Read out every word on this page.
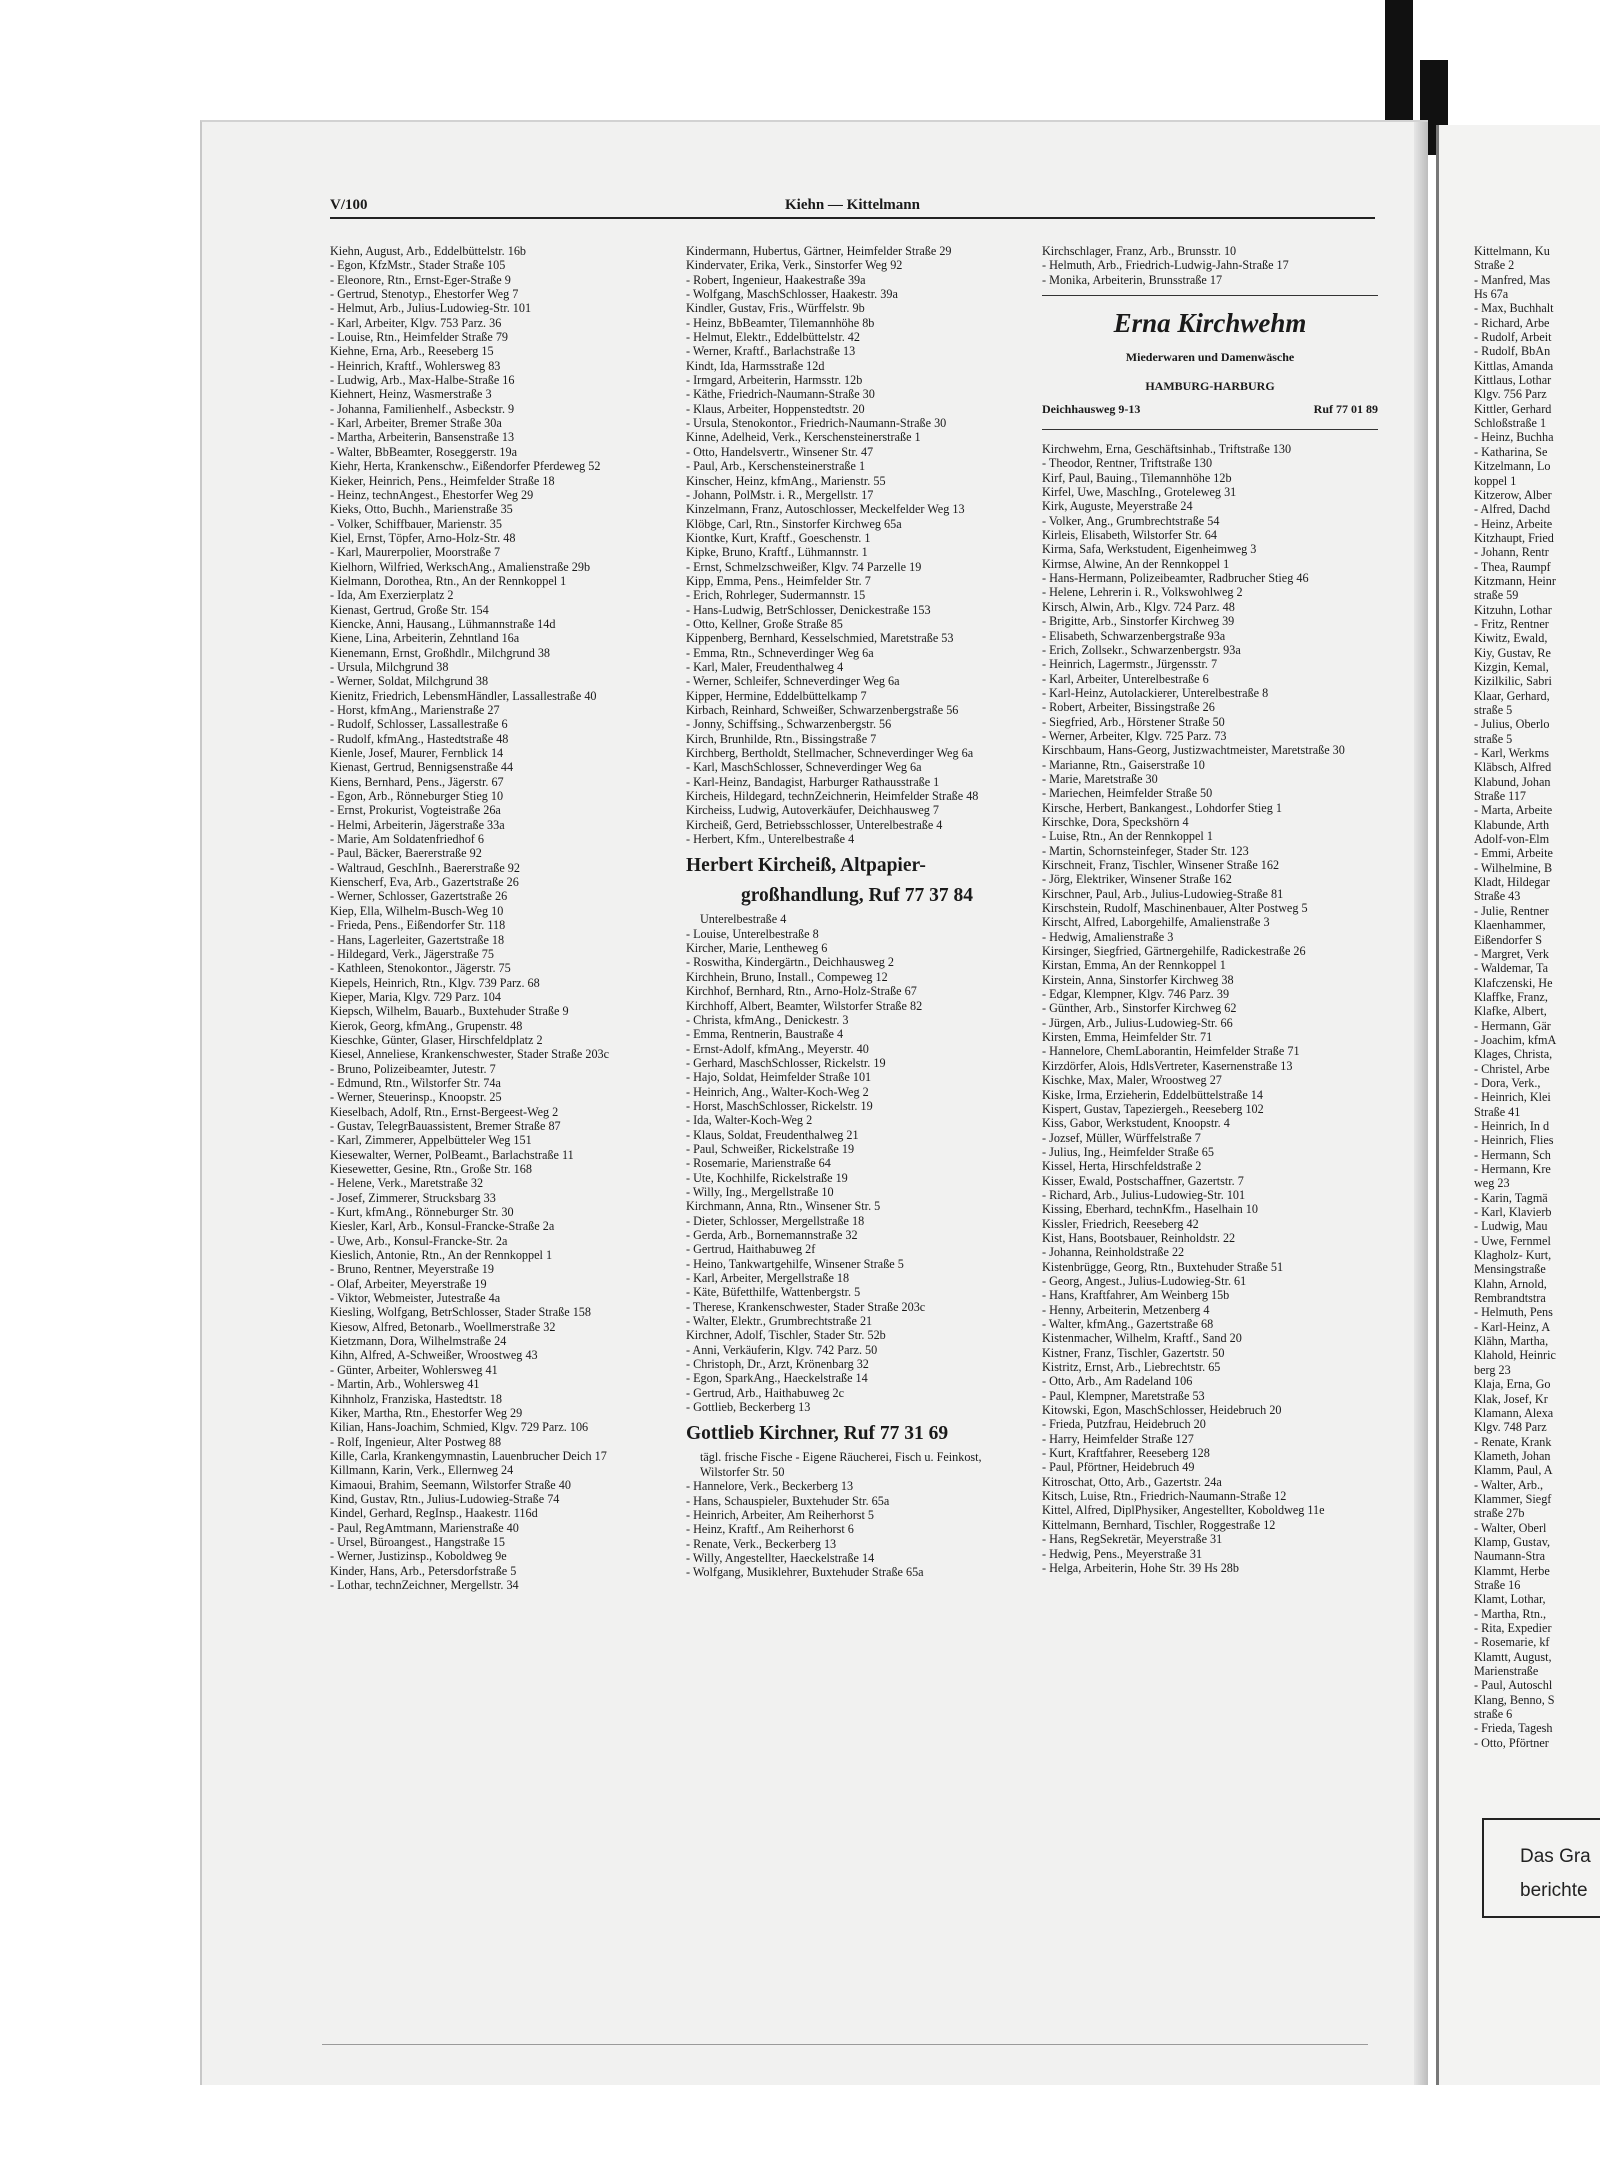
V/100	Kiehn — Kittelmann
Kiehn, August, Arb., Eddelbüttelstr. 16b
- Egon, KfzMstr., Stader Straße 105
- Eleonore, Rtn., Ernst-Eger-Straße 9
- Gertrud, Stenotyp., Ehestorfer Weg 7
- Helmut, Arb., Julius-Ludowieg-Str. 101
- Karl, Arbeiter, Klgv. 753 Parz. 36
- Louise, Rtn., Heimfelder Straße 79
Kiehne, Erna, Arb., Reeseberg 15
- Heinrich, Kraftf., Wohlersweg 83
- Ludwig, Arb., Max-Halbe-Straße 16
Kiehnert, Heinz, Wasmerstraße 3
- Johanna, Familienhelf., Asbeckstr. 9
- Karl, Arbeiter, Bremer Straße 30a
- Martha, Arbeiterin, Bansenstraße 13
- Walter, BbBeamter, Roseggerstr. 19a
Kiehr, Herta, Krankenschw., Eißendorfer Pferdeweg 52
Kieker, Heinrich, Pens., Heimfelder Straße 18
- Heinz, technAngest., Ehestorfer Weg 29
Kieks, Otto, Buchh., Marienstraße 35
- Volker, Schiffbauer, Marienstr. 35
Kiel, Ernst, Töpfer, Arno-Holz-Str. 48
- Karl, Maurerpolier, Moorstraße 7
Kielhorn, Wilfried, WerkschAng., Amalienstraße 29b
Kielmann, Dorothea, Rtn., An der Rennkoppel 1
- Ida, Am Exerzierplatz 2
Kienast, Gertrud, Große Str. 154
Kiencke, Anni, Hausang., Lühmannstraße 14d
Kiene, Lina, Arbeiterin, Zehntland 16a
Kienemann, Ernst, Großhdlr., Milchgrund 38
- Ursula, Milchgrund 38
- Werner, Soldat, Milchgrund 38
Kienitz, Friedrich, LebensmHändler, Lassallestraße 40
- Horst, kfmAng., Marienstraße 27
- Rudolf, Schlosser, Lassallestraße 6
- Rudolf, kfmAng., Hastedtstraße 48
Kienle, Josef, Maurer, Fernblick 14
Kienast, Gertrud, Bennigsenstraße 44
Kiens, Bernhard, Pens., Jägerstr. 67
- Egon, Arb., Rönneburger Stieg 10
- Ernst, Prokurist, Vogteistraße 26a
- Helmi, Arbeiterin, Jägerstraße 33a
- Marie, Am Soldatenfriedhof 6
- Paul, Bäcker, Baererstraße 92
- Waltraud, GeschInh., Baererstraße 92
Kienscherf, Eva, Arb., Gazertstraße 26
- Werner, Schlosser, Gazertstraße 26
Kiep, Ella, Wilhelm-Busch-Weg 10
- Frieda, Pens., Eißendorfer Str. 118
- Hans, Lagerleiter, Gazertstraße 18
- Hildegard, Verk., Jägerstraße 75
- Kathleen, Stenokontor., Jägerstr. 75
Kiepels, Heinrich, Rtn., Klgv. 739 Parz. 68
Kieper, Maria, Klgv. 729 Parz. 104
Kiepsch, Wilhelm, Bauarb., Buxtehuder Straße 9
Kierok, Georg, kfmAng., Grupenstr. 48
Kieschke, Günter, Glaser, Hirschfeldplatz 2
Kiesel, Anneliese, Krankenschwester, Stader Straße 203c
- Bruno, Polizeibeamter, Jutestr. 7
- Edmund, Rtn., Wilstorfer Str. 74a
- Werner, Steuerinsp., Knoopstr. 25
Kieselbach, Adolf, Rtn., Ernst-Bergeest-Weg 2
- Gustav, TelegrBauassistent, Bremer Straße 87
- Karl, Zimmerer, Appelbütteler Weg 151
Kiesewalter, Werner, PolBeamt., Barlachstraße 11
Kiesewetter, Gesine, Rtn., Große Str. 168
- Helene, Verk., Maretstraße 32
- Josef, Zimmerer, Strucksbarg 33
- Kurt, kfmAng., Rönneburger Str. 30
Kiesler, Karl, Arb., Konsul-Francke-Straße 2a
- Uwe, Arb., Konsul-Francke-Str. 2a
Kieslich, Antonie, Rtn., An der Rennkoppel 1
- Bruno, Rentner, Meyerstraße 19
- Olaf, Arbeiter, Meyerstraße 19
- Viktor, Webmeister, Jutestraße 4a
Kiesling, Wolfgang, BetrSchlosser, Stader Straße 158
Kiesow, Alfred, Betonarb., Woellmerstraße 32
Kietzmann, Dora, Wilhelmstraße 24
Kihn, Alfred, A-Schweißer, Wroostweg 43
- Günter, Arbeiter, Wohlersweg 41
- Martin, Arb., Wohlersweg 41
Kihnholz, Franziska, Hastedtstr. 18
Kiker, Martha, Rtn., Ehestorfer Weg 29
Kilian, Hans-Joachim, Schmied, Klgv. 729 Parz. 106
- Rolf, Ingenieur, Alter Postweg 88
Kille, Carla, Krankengymnastin, Lauenbrucher Deich 17
Killmann, Karin, Verk., Ellernweg 24
Kimaoui, Brahim, Seemann, Wilstorfer Straße 40
Kind, Gustav, Rtn., Julius-Ludowieg-Straße 74
Kindel, Gerhard, RegInsp., Haakestr. 116d
- Paul, RegAmtmann, Marienstraße 40
- Ursel, Büroangest., Hangstraße 15
- Werner, Justizinsp., Koboldweg 9e
Kinder, Hans, Arb., Petersdorfstraße 5
- Lothar, technZeichner, Mergellstr. 34
Kindermann, Hubertus, Gärtner, Heimfelder Straße 29
Kindervater, Erika, Verk., Sinstorfer Weg 92
- Robert, Ingenieur, Haakestraße 39a
- Wolfgang, MaschSchlosser, Haakestr. 39a
Kindler, Gustav, Fris., Würffelstr. 9b
- Heinz, BbBeamter, Tilemannhöhe 8b
- Helmut, Elektr., Eddelbüttelstr. 42
- Werner, Kraftf., Barlachstraße 13
Kindt, Ida, Harmsstraße 12d
- Irmgard, Arbeiterin, Harmsstr. 12b
- Käthe, Friedrich-Naumann-Straße 30
- Klaus, Arbeiter, Hoppenstedtstr. 20
- Ursula, Stenokontor., Friedrich-Naumann-Straße 30
Kinne, Adelheid, Verk., Kerschensteinerstraße 1
- Otto, Handelsvertr., Winsener Str. 47
- Paul, Arb., Kerschensteinerstraße 1
Kinscher, Heinz, kfmAng., Marienstr. 55
- Johann, PolMstr. i. R., Mergellstr. 17
Kinzelmann, Franz, Autoschlosser, Meckelfelder Weg 13
Klöbge, Carl, Rtn., Sinstorfer Kirchweg 65a
Kiontke, Kurt, Kraftf., Goeschenstr. 1
Kipke, Bruno, Kraftf., Lühmannstr. 1
- Ernst, Schmelzschweißer, Klgv. 74 Parzelle 19
Kipp, Emma, Pens., Heimfelder Str. 7
- Erich, Rohrleger, Sudermannstr. 15
- Hans-Ludwig, BetrSchlosser, Denickestraße 153
- Otto, Kellner, Große Straße 85
Kippenberg, Bernhard, Kesselschmied, Maretstraße 53
- Emma, Rtn., Schneverdinger Weg 6a
- Karl, Maler, Freudenthalweg 4
- Werner, Schleifer, Schneverdinger Weg 6a
Kipper, Hermine, Eddelbüttelkamp 7
Kirbach, Reinhard, Schweißer, Schwarzenbergstraße 56
- Jonny, Schiffsing., Schwarzenbergstr. 56
Kirch, Brunhilde, Rtn., Bissingstraße 7
Kirchberg, Bertholdt, Stellmacher, Schneverdinger Weg 6a
- Karl, MaschSchlosser, Schneverdinger Weg 6a
- Karl-Heinz, Bandagist, Harburger Rathausstraße 1
Kircheis, Hildegard, technZeichnerin, Heimfelder Straße 48
Kircheiss, Ludwig, Autoverkäufer, Deichhausweg 7
Kircheiß, Gerd, Betriebsschlosser, Unterelbestraße 4
- Herbert, Kfm., Unterelbestraße 4
Herbert Kircheiß, Altpapier-
großhandlung, Ruf 77 37 84
Unterelbestraße 4
- Louise, Unterelbestraße 8
Kircher, Marie, Lentheweg 6
- Roswitha, Kindergärtn., Deichhausweg 2
Kirchhein, Bruno, Install., Compeweg 12
Kirchhof, Bernhard, Rtn., Arno-Holz-Straße 67
Kirchhoff, Albert, Beamter, Wilstorfer Straße 82
- Christa, kfmAng., Denickestr. 3
- Emma, Rentnerin, Baustraße 4
- Ernst-Adolf, kfmAng., Meyerstr. 40
- Gerhard, MaschSchlosser, Rickelstr. 19
- Hajo, Soldat, Heimfelder Straße 101
- Heinrich, Ang., Walter-Koch-Weg 2
- Horst, MaschSchlosser, Rickelstr. 19
- Ida, Walter-Koch-Weg 2
- Klaus, Soldat, Freudenthalweg 21
- Paul, Schweißer, Rickelstraße 19
- Rosemarie, Marienstraße 64
- Ute, Kochhilfe, Rickelstraße 19
- Willy, Ing., Mergellstraße 10
Kirchmann, Anna, Rtn., Winsener Str. 5
- Dieter, Schlosser, Mergellstraße 18
- Gerda, Arb., Bornemannstraße 32
- Gertrud, Haithabuweg 2f
- Heino, Tankwartgehilfe, Winsener Straße 5
- Karl, Arbeiter, Mergellstraße 18
- Käte, Büfetthilfe, Wattenbergstr. 5
- Therese, Krankenschwester, Stader Straße 203c
- Walter, Elektr., Grumbrechtstraße 21
Kirchner, Adolf, Tischler, Stader Str. 52b
- Anni, Verkäuferin, Klgv. 742 Parz. 50
- Christoph, Dr., Arzt, Krönenbarg 32
- Egon, SparkAng., Haeckelstraße 14
- Gertrud, Arb., Haithabuweg 2c
- Gottlieb, Beckerberg 13
Gottlieb Kirchner, Ruf 77 31 69
tägl. frische Fische - Eigene Räucherei, Fisch u. Feinkost, Wilstorfer Str. 50
- Hannelore, Verk., Beckerberg 13
- Hans, Schauspieler, Buxtehuder Str. 65a
- Heinrich, Arbeiter, Am Reiherhorst 5
- Heinz, Kraftf., Am Reiherhorst 6
- Renate, Verk., Beckerberg 13
- Willy, Angestellter, Haeckelstraße 14
- Wolfgang, Musiklehrer, Buxtehuder Straße 65a
Kirchschlager, Franz, Arb., Brunsstr. 10
- Helmuth, Arb., Friedrich-Ludwig-Jahn-Straße 17
- Monika, Arbeiterin, Brunsstraße 17
Erna Kirchwehm
Miederwaren und Damenwäsche
HAMBURG-HARBURG
Deichhausweg 9-13	Ruf 77 01 89
Kirchwehm, Erna, Geschäftsinhab., Triftstraße 130
- Theodor, Rentner, Triftstraße 130
Kirf, Paul, Bauing., Tilemannhöhe 12b
Kirfel, Uwe, MaschIng., Groteleweg 31
Kirk, Auguste, Meyerstraße 24
- Volker, Ang., Grumbrechtstraße 54
Kirleis, Elisabeth, Wilstorfer Str. 64
Kirma, Safa, Werkstudent, Eigenheimweg 3
Kirmse, Alwine, An der Rennkoppel 1
- Hans-Hermann, Polizeibeamter, Radbrucher Stieg 46
- Helene, Lehrerin i. R., Volkswohlweg 2
Kirsch, Alwin, Arb., Klgv. 724 Parz. 48
- Brigitte, Arb., Sinstorfer Kirchweg 39
- Elisabeth, Schwarzenbergstraße 93a
- Erich, Zollsekr., Schwarzenbergstr. 93a
- Heinrich, Lagermstr., Jürgensstr. 7
- Karl, Arbeiter, Unterelbestraße 6
- Karl-Heinz, Autolackierer, Unterelbestraße 8
- Robert, Arbeiter, Bissingstraße 26
- Siegfried, Arb., Hörstener Straße 50
- Werner, Arbeiter, Klgv. 725 Parz. 73
Kirschbaum, Hans-Georg, Justizwachtmeister, Maretstraße 30
- Marianne, Rtn., Gaiserstraße 10
- Marie, Maretstraße 30
- Mariechen, Heimfelder Straße 50
Kirsche, Herbert, Bankangest., Lohdorfer Stieg 1
Kirschke, Dora, Speckshörn 4
- Luise, Rtn., An der Rennkoppel 1
- Martin, Schornsteinfeger, Stader Str. 123
Kirschneit, Franz, Tischler, Winsener Straße 162
- Jörg, Elektriker, Winsener Straße 162
Kirschner, Paul, Arb., Julius-Ludowieg-Straße 81
Kirschstein, Rudolf, Maschinenbauer, Alter Postweg 5
Kirscht, Alfred, Laborgehilfe, Amalienstraße 3
- Hedwig, Amalienstraße 3
Kirsinger, Siegfried, Gärtnergehilfe, Radickestraße 26
Kirstan, Emma, An der Rennkoppel 1
Kirstein, Anna, Sinstorfer Kirchweg 38
- Edgar, Klempner, Klgv. 746 Parz. 39
- Günther, Arb., Sinstorfer Kirchweg 62
- Jürgen, Arb., Julius-Ludowieg-Str. 66
Kirsten, Emma, Heimfelder Str. 71
- Hannelore, ChemLaborantin, Heimfelder Straße 71
Kirzdörfer, Alois, HdlsVertreter, Kasernenstraße 13
Kischke, Max, Maler, Wroostweg 27
Kiske, Irma, Erzieherin, Eddelbüttelstraße 14
Kispert, Gustav, Tapeziergeh., Reeseberg 102
Kiss, Gabor, Werkstudent, Knoopstr. 4
- Jozsef, Müller, Würffelstraße 7
- Julius, Ing., Heimfelder Straße 65
Kissel, Herta, Hirschfeldstraße 2
Kisser, Ewald, Postschaffner, Gazertstr. 7
- Richard, Arb., Julius-Ludowieg-Str. 101
Kissing, Eberhard, technKfm., Haselhain 10
Kissler, Friedrich, Reeseberg 42
Kist, Hans, Bootsbauer, Reinholdstr. 22
- Johanna, Reinholdstraße 22
Kistenbrügge, Georg, Rtn., Buxtehuder Straße 51
- Georg, Angest., Julius-Ludowieg-Str. 61
- Hans, Kraftfahrer, Am Weinberg 15b
- Henny, Arbeiterin, Metzenberg 4
- Walter, kfmAng., Gazertstraße 68
Kistenmacher, Wilhelm, Kraftf., Sand 20
Kistner, Franz, Tischler, Gazertstr. 50
Kistritz, Ernst, Arb., Liebrechtstr. 65
- Otto, Arb., Am Radeland 106
- Paul, Klempner, Maretstraße 53
Kitowski, Egon, MaschSchlosser, Heidebruch 20
- Frieda, Putzfrau, Heidebruch 20
- Harry, Heimfelder Straße 127
- Kurt, Kraftfahrer, Reeseberg 128
- Paul, Pförtner, Heidebruch 49
Kitroschat, Otto, Arb., Gazertstr. 24a
Kitsch, Luise, Rtn., Friedrich-Naumann-Straße 12
Kittel, Alfred, DiplPhysiker, Angestellter, Koboldweg 11e
Kittelmann, Bernhard, Tischler, Roggestraße 12
- Hans, RegSekretär, Meyerstraße 31
- Hedwig, Pens., Meyerstraße 31
- Helga, Arbeiterin, Hohe Str. 39 Hs 28b
Kittelmann, Ku
Straße 2
- Manfred, Mas
Hs 67a
- Max, Buchhalt
- Richard, Arbe
- Rudolf, Arbeit
- Rudolf, BbAn
Kittlas, Amanda
Kittlaus, Lothar
Klgv. 756 Parz
Kittler, Gerhard
Schloßstraße 1
- Heinz, Buchha
- Katharina, Se
Kitzelmann, Lo
koppel 1
Kitzerow, Alber
- Alfred, Dachd
- Heinz, Arbeite
Kitzhaupt, Fried
- Johann, Rentr
- Thea, Raumpf
Kitzmann, Heinr
straße 59
Kitzuhn, Lothar
- Fritz, Rentner
Kiwitz, Ewald,
Kiy, Gustav, Re
Kizgin, Kemal,
Kizilkilic, Sabri
Klaar, Gerhard,
straße 5
- Julius, Oberlo
straße 5
- Karl, Werkms
Kläbsch, Alfred
Klabund, Johan
Straße 117
- Marta, Arbeite
Klabunde, Arth
Adolf-von-Elm
- Emmi, Arbeite
- Wilhelmine, B
Kladt, Hildegar
Straße 43
- Julie, Rentner
Klaenhammer,
Eißendorfer S
- Margret, Verk
- Waldemar, Ta
Klafczenski, He
Klaffke, Franz,
Klafke, Albert,
- Hermann, Gär
- Joachim, kfmA
Klages, Christa,
- Christel, Arbe
- Dora, Verk.,
- Heinrich, Klei
Straße 41
- Heinrich, In d
- Heinrich, Flies
- Hermann, Sch
- Hermann, Kre
weg 23
- Karin, Tagmä
- Karl, Klavierb
- Ludwig, Mau
- Uwe, Fernmel
Klagholz- Kurt,
Mensingstraße
Klahn, Arnold,
Rembrandtstra
- Helmuth, Pens
- Karl-Heinz, A
Klähn, Martha,
Klahold, Heinric
berg 23
Klaja, Erna, Go
Klak, Josef, Kr
Klamann, Alexa
Klgv. 748 Parz
- Renate, Krank
Klameth, Johan
Klamm, Paul, A
- Walter, Arb.,
Klammer, Siegf
straße 27b
- Walter, Oberl
Klamp, Gustav,
Naumann-Stra
Klammt, Herbe
Straße 16
Klamt, Lothar,
- Martha, Rtn.,
- Rita, Expedier
- Rosemarie, kf
Klamtt, August,
Marienstraße
- Paul, Autoschl
Klang, Benno, S
straße 6
- Frieda, Tagesh
- Otto, Pförtner
Das Gra
berichte
